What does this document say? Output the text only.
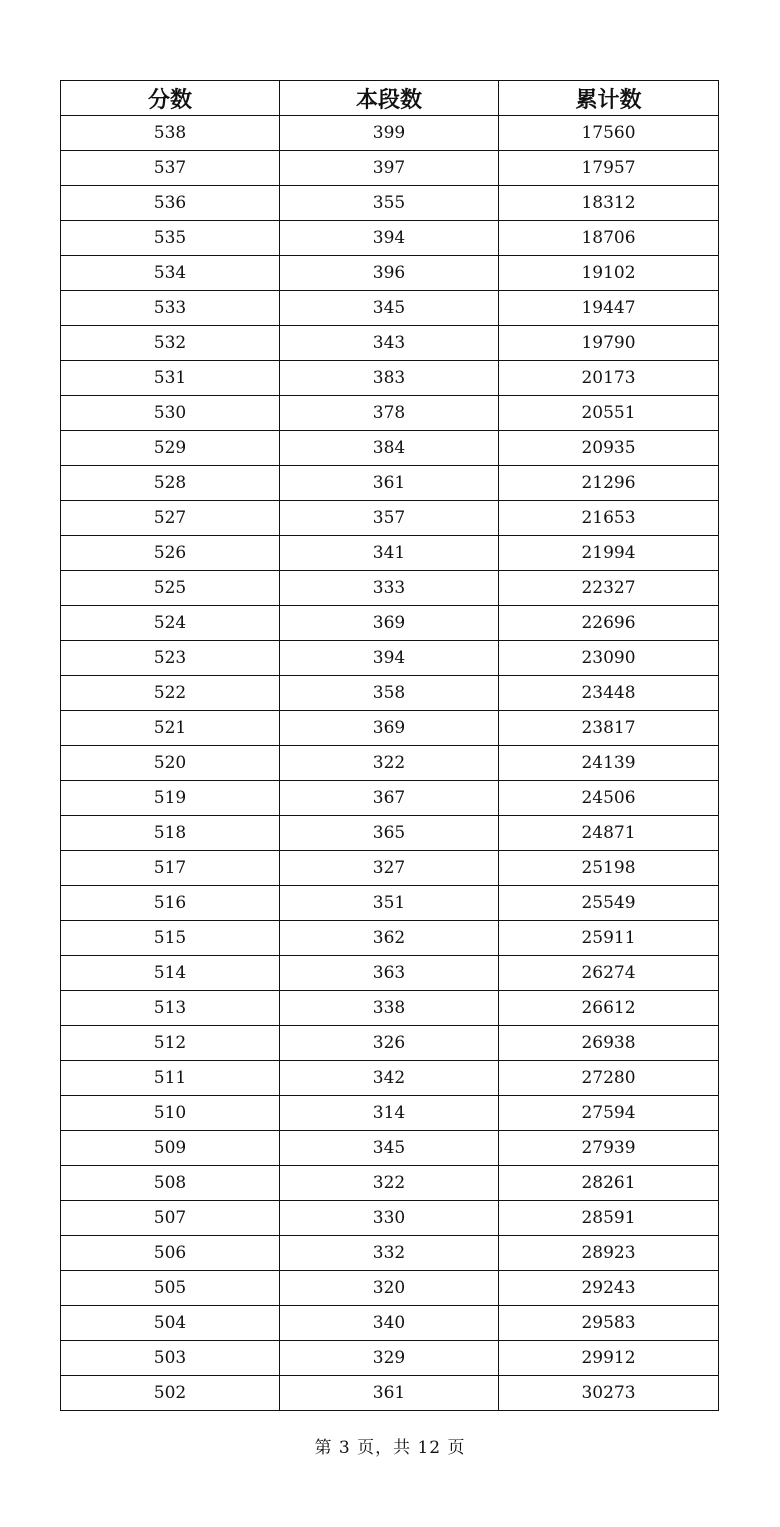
分数	本段数	累计数
538	399	17560
537	397	17957
536	355	18312
535	394	18706
534	396	19102
533	345	19447
532	343	19790
531	383	20173
530	378	20551
529	384	20935
528	361	21296
527	357	21653
526	341	21994
525	333	22327
524	369	22696
523	394	23090
522	358	23448
521	369	23817
520	322	24139
519	367	24506
518	365	24871
517	327	25198
516	351	25549
515	362	25911
514	363	26274
513	338	26612
512	326	26938
511	342	27280
510	314	27594
509	345	27939
508	322	28261
507	330	28591
506	332	28923
505	320	29243
504	340	29583
503	329	29912
502	361	30273
第 3 页，共 12 页
